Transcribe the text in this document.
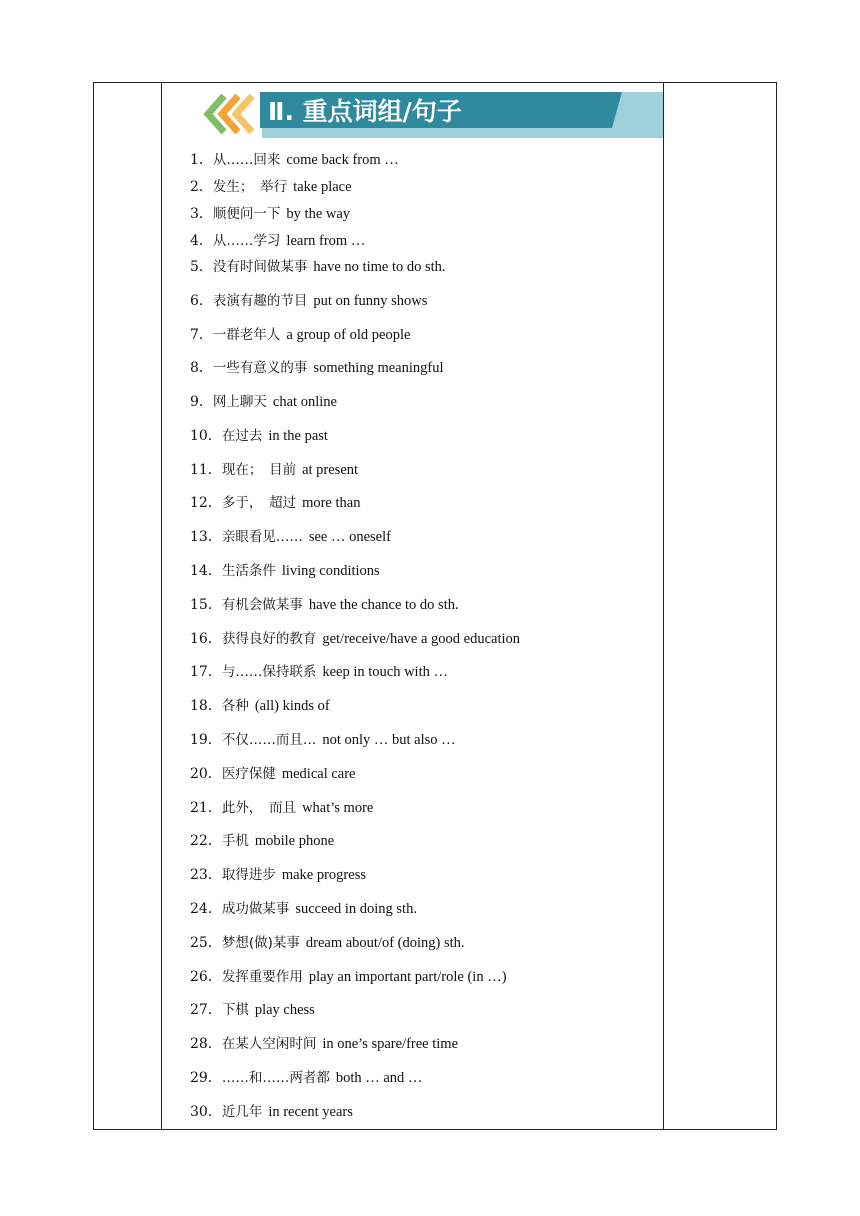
Ⅱ. 重点词组/句子
1．从……回来 come back from …
2．发生；　举行 take place
3．顺便问一下 by the way
4．从……学习 learn from …
5．没有时间做某事 have no time to do sth.
6．表演有趣的节目 put on funny shows
7．一群老年人 a group of old people
8．一些有意义的事 something meaningful
9．网上聊天 chat online
10．在过去 in the past
11．现在；　目前 at present
12．多于，　超过 more than
13．亲眼看见…… see … oneself
14．生活条件 living conditions
15．有机会做某事 have the chance to do sth.
16．获得良好的教育 get/receive/have a good education
17．与……保持联系 keep in touch with …
18．各种 (all) kinds of
19．不仅……而且… not only … but also …
20．医疗保健 medical care
21．此外，　而且 what’s more
22．手机 mobile phone
23．取得进步 make progress
24．成功做某事 succeed in doing sth.
25．梦想(做)某事 dream about/of (doing) sth.
26．发挥重要作用 play an important part/role (in …)
27．下棋 play chess
28．在某人空闲时间 in one’s spare/free time
29．……和……两者都 both … and …
30．近几年 in recent years
